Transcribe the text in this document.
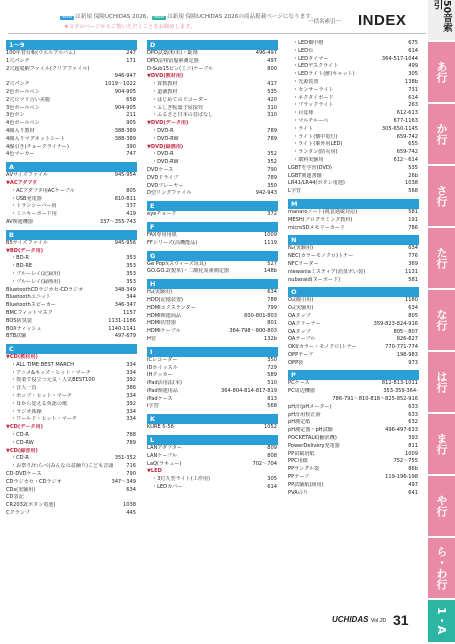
WEB は新規 保険UCHIDAS 2026、 WEB は新規 保険UCHIDAS 2026の商品掲載ページになります。
★文字のページからご覧いただくことをお勧めします。
一括名索引一 INDEX
1〜9
100年替台帳(ウエルアルバム)	247
1穴パンチ	171
2穴超収納ファイル(クリアファイル)
946-947
2穴パンチ	1019〜1022
2色ボールペン	904-905
2穴ロツリ合い美麗	658
3色ボールペン	904-905
3色ボン	211
4色ボールペン	905
4線入り教材	388-389
4線入りマグネットシート	388-389
4線引き(チョークライナー)	390
4色マーカー	747
A
AⅤサイズファイル	945-954
▼ACアダプタ
・ACアダプタ用ACケーブル	805
・USB充電器	810-811
・トランシーバー用	337
・ミニキーボード用	419
AV関連機器	337〜355-743
B
B5サイズファイル	945-956
▼BD(データ用)
・BD-R	353
・BD-RE	353
・ブルーレイ(記録用)	353
・ブルーレイ(録画用)	353
BluetoothCDラジカセ-CDラジオ	348-349
Bluetoothユニット	344
Bluetoothスピーカー	346-347
BMCフィットマスク	1157
BOS防臭袋	1131-1186
BOXティッシュ	1140-1141
BTB試験	497-679
C
▼CD(教材用)
・ALL TIME BEST MARCH	334
・アニメ&キッズ・ヒット・マーチ	334
・授業で役立つ元気・人気BEST100	392
・音人一首	386
・ポップ・ヒット・マーチ	334
・耳から覚える英語の歌	392
・ラジオ体操	334
・ワールド・ヒット・マーチ	334
▼CD(データ用)
・CD-R	788
・CD-RW	789
▼CD(録音用)
・CD-R	351-352
・お祭り/わらべ(みんなの盆踊り)こども音頭	716
CD-DVDケース	790
CDラジカセ・CDラジオ	347〜349
CDs(実験用)	634
CD表記
CR2032(ボタン電池)	1038
Cクランプ	445
D
DPD試薬(粉末)・錠剤	496-497
DPD法残留塩素測定器	497
D-Sub15ピン(ミニ)ケーブル	800
▼DVD(教材用)
・算数教材	417
・道徳教材	535
・はじめてのリコーダー	420
・ふしぎ転葉子屋探究	310
・ふるさと日本の昔ばなし	310
▼DVD(データ用)
・DVD-R	789
・DVD-RW	789
▼DVD(録画用)
・DVD-R	352
・DVD-RW	352
DVDケース	790
DVDドライブ	789
DVDプレーヤー	350
D型リングファイル	942-943
E
eyeチョーク	372
F
FAX専用用紙	1009
FFシリーズ(高機能品)	1119
G
Ge Pop!(スウィーズ玩具)	527
GO.GO.2(製革)・二酸化炭素測定器	148b
H
H₂(実験用)	634
HDD(記憶装置)	788
HDMIエクステンダー	799
HDMI関連商品	800-801-803
HDMI切替器	801
HDMIケーブル	364-798〜800-803
H管	132b
I
ICレコーダー	350
IDホイッスル	729
IHクッカー	589
iPad活用法(本)	510
iPad関連用品	364-804-814-817-819
iPadケース	813
I字替	568
K
KURE 5-56	1052
L
LANアダプター	809
LANケーブル	808
LaQ(ラキュー)	702〜704
▼LED
・3灯九型ライト(工作用)	305
・LEDカバー	614
・LED懐中燈	675
・LED台	614
・LEDタイマー	364-517-1044
・LEDデスクライト	499
・LEDライト(鮮)キャット)	305
・光源装置	138b
・センサーライト	731
・ネクタイボード	614
・ブラックライト	263
・目覚球	612-613
・マルチルーペ	677-1163
・ライト	305-650-1145
・ライト(懐中電灯)	659-742
・ライト(案外用LED)	655
・ランタン(防災用)	659-742
・環料実験用	612〜614
LGBTを学習(DVD)	535
LGBT関連書籍	26b
LR41/LR44(ボタン電池)	1038
L字管	568
M
manaroノート(視覚過敏対応)	581
MESH(プログラミング教材)	191
microSDメモリーカード	786
N
N₂(実験用)	634
NEC(カラーモノクロ)トナー	776
NFCリーダー	369
niewaniaミスティア(消臭ボい袋)	1131
nubaraid(ヌーボード)	581
O
O₂(酸引用)	1180
O₂(実験用)	634
OAタップ	805
OAクリーナー	359-823-824-916
OAタップ	805〜807
OAテーブル	826-827
OKI(カラー・モノクロ)トナー	770-771-774
OPPテープ	198-983
OPP袋	973
P
PCケース	812-813-1011
PC周辺機器	353-359-364-
786-791〜810-818〜825-852-916
pH計(pHメーター)	633
pH計用校正液	633
pH測定紙	632
pH測定器・pH試験	496-497-633
POCKETALK(翻訳機)	393
PowerDelivery充電器	811
PP苗載培紙	1009
PPC用紙	752〜755
PPサングル袋	86b
PPテープ	119-196-198
PP試験紙(緩用)	497
PVAのり	641
50音索引
あ行
か行
さ行
た行
な行
は行
ま行
や行
ら・わ行
1・A
UCHIDAS Vol.20 31
